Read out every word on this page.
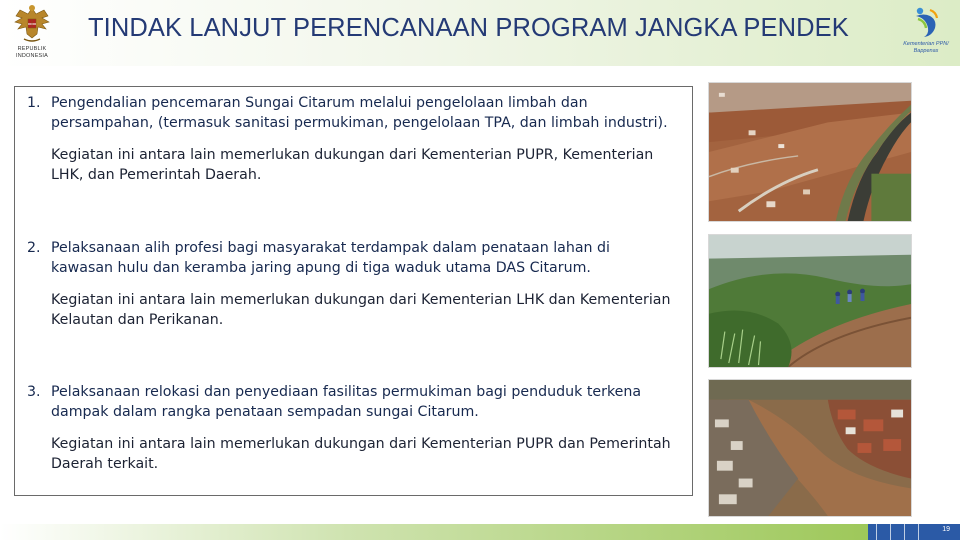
REPUBLIK INDONESIA
TINDAK LANJUT PERENCANAAN PROGRAM JANGKA PENDEK
Kementerian PPN/ Bappenas
1. Pengendalian pencemaran Sungai Citarum melalui pengelolaan limbah dan persampahan, (termasuk sanitasi permukiman, pengelolaan TPA, dan limbah industri).
Kegiatan ini antara lain memerlukan dukungan dari Kementerian PUPR, Kementerian LHK, dan Pemerintah Daerah.
2. Pelaksanaan alih profesi bagi masyarakat terdampak dalam penataan lahan di kawasan hulu dan keramba jaring apung di tiga waduk utama DAS Citarum.
Kegiatan ini antara lain memerlukan dukungan dari Kementerian LHK dan Kementerian Kelautan dan Perikanan.
3. Pelaksanaan relokasi dan penyediaan fasilitas permukiman bagi penduduk terkena dampak dalam rangka penataan sempadan sungai Citarum.
Kegiatan ini antara lain memerlukan dukungan dari Kementerian PUPR dan Pemerintah Daerah terkait.
19
